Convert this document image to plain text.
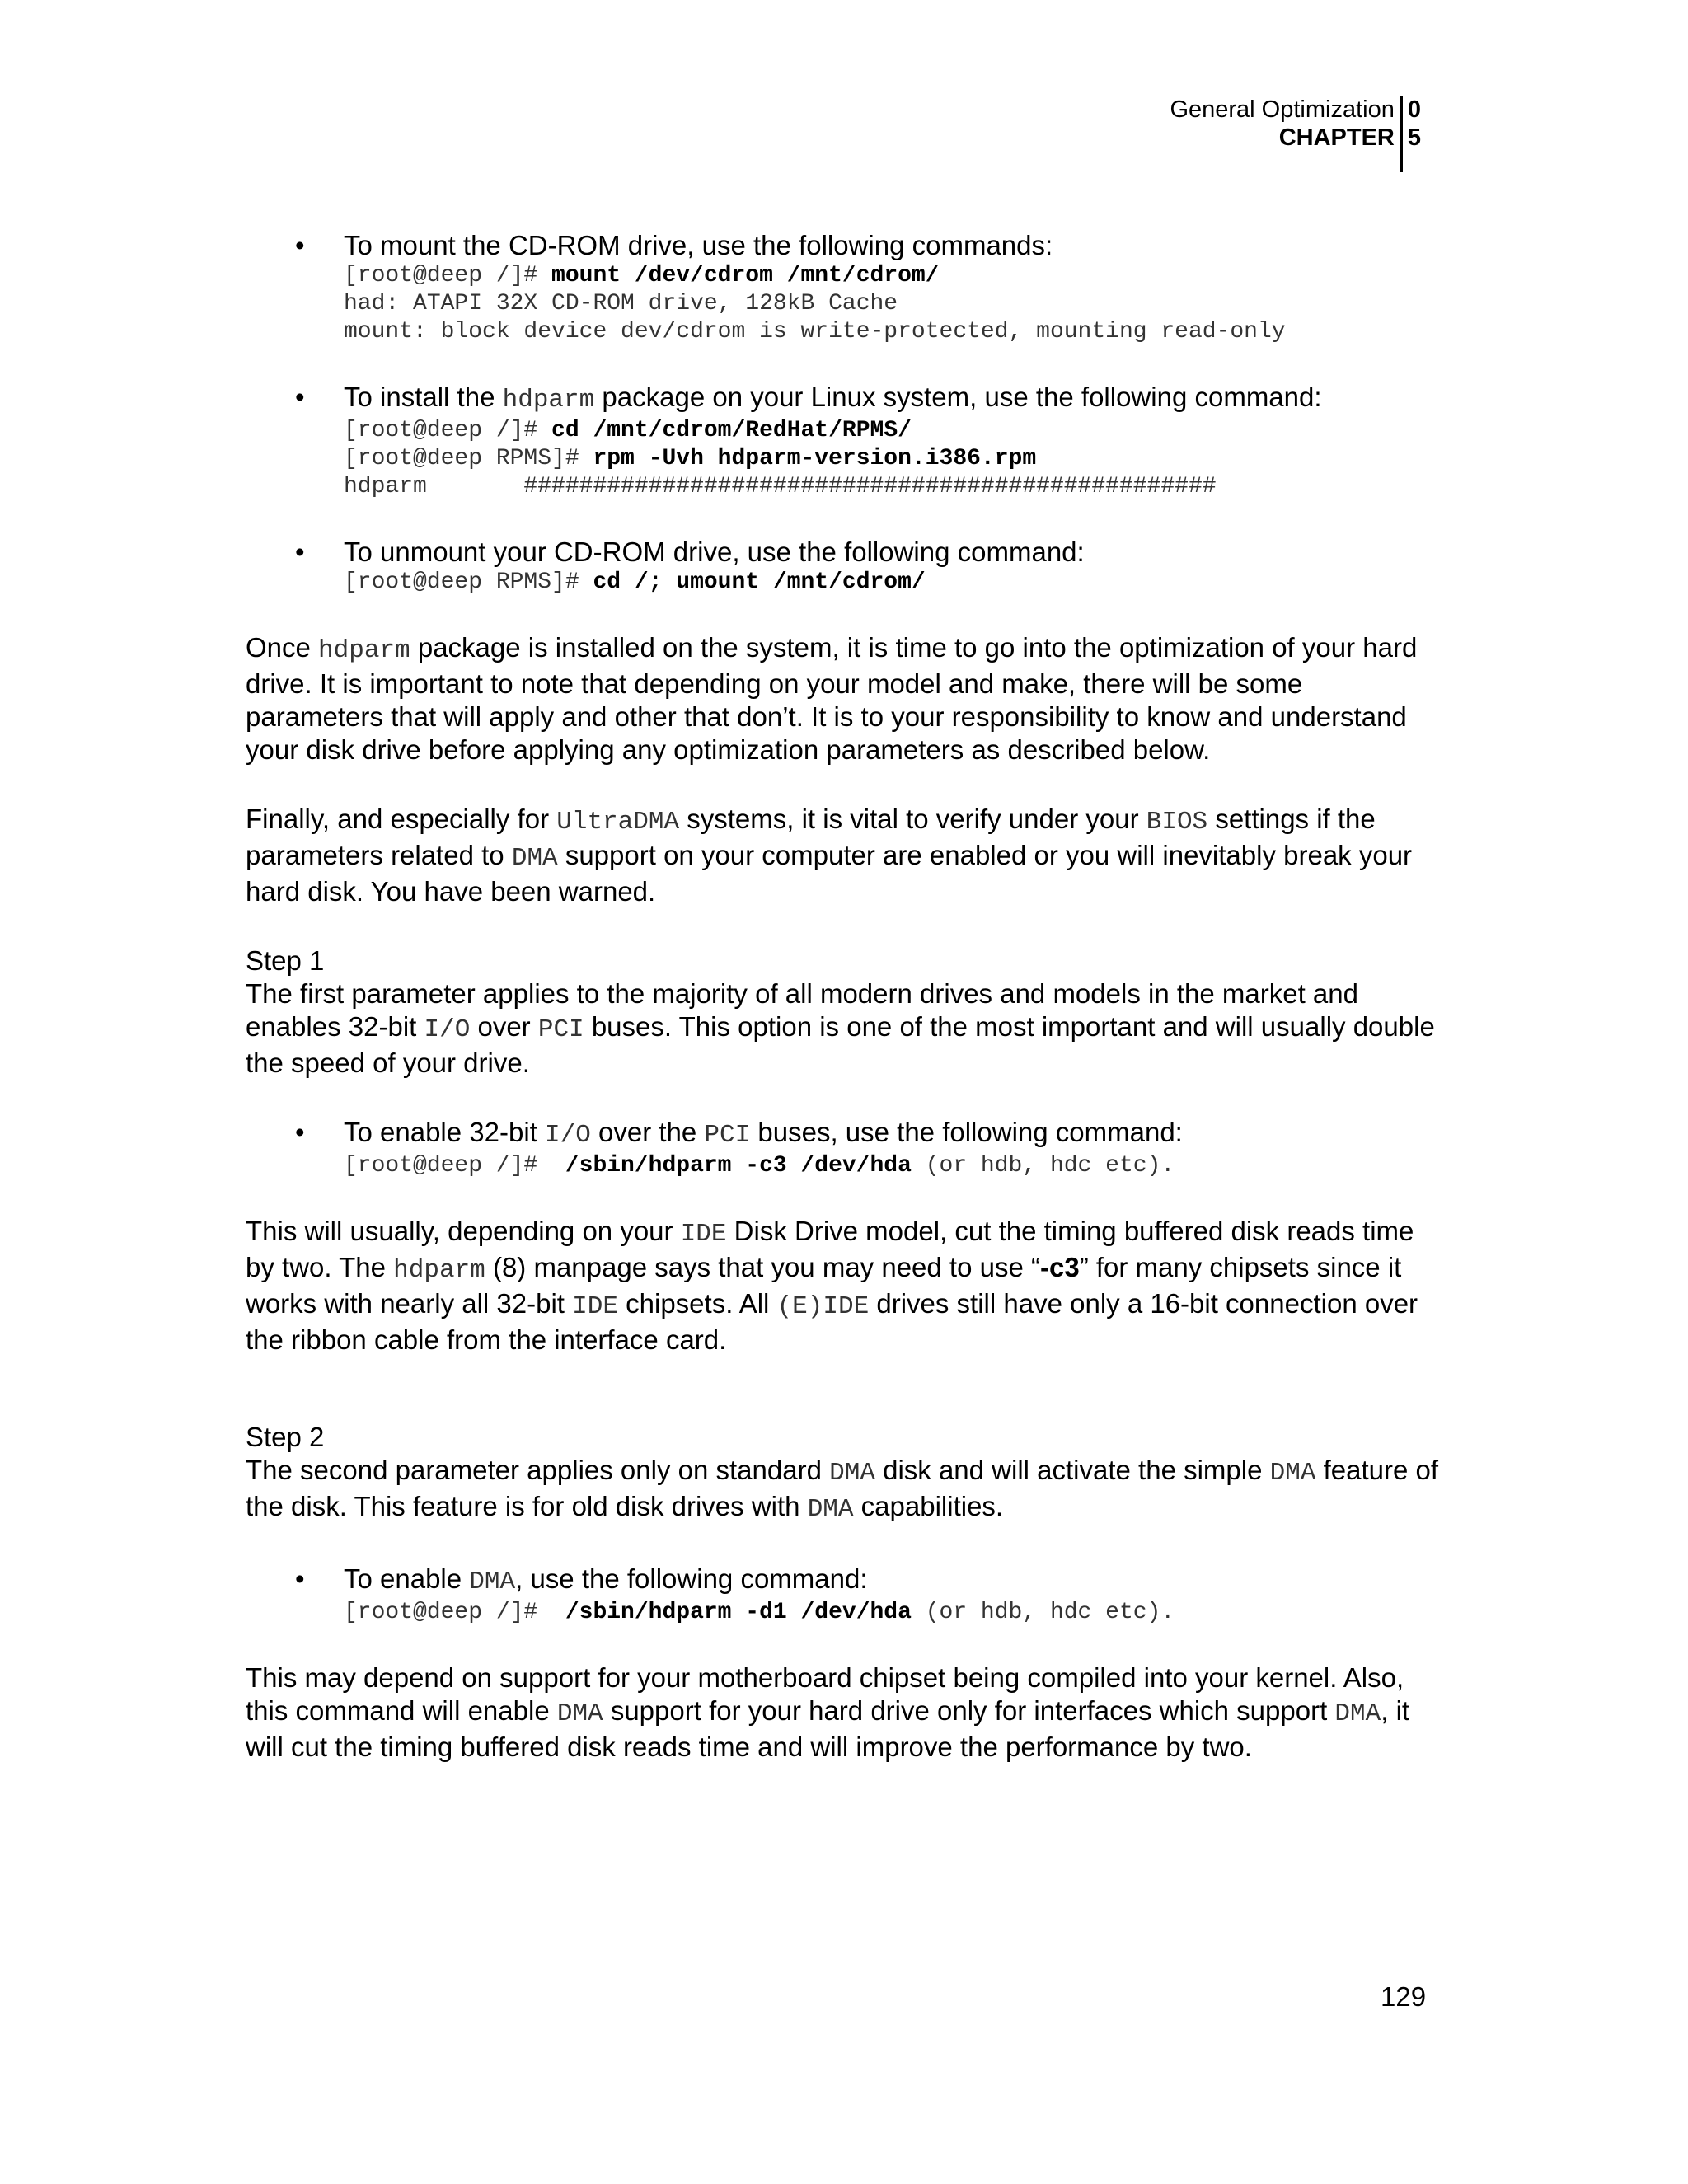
General Optimization
CHAPTER
0
5
• To mount the CD-ROM drive, use the following commands:
[root@deep /]# mount /dev/cdrom /mnt/cdrom/
had: ATAPI 32X CD-ROM drive, 128kB Cache
mount: block device dev/cdrom is write-protected, mounting read-only
• To install the hdparm package on your Linux system, use the following command:
[root@deep /]# cd /mnt/cdrom/RedHat/RPMS/
[root@deep RPMS]# rpm -Uvh hdparm-version.i386.rpm
hdparm       ##################################################
• To unmount your CD-ROM drive, use the following command:
[root@deep RPMS]# cd /; umount /mnt/cdrom/
Once hdparm package is installed on the system, it is time to go into the optimization of your hard drive. It is important to note that depending on your model and make, there will be some parameters that will apply and other that don’t. It is to your responsibility to know and understand your disk drive before applying any optimization parameters as described below.
Finally, and especially for UltraDMA systems, it is vital to verify under your BIOS settings if the parameters related to DMA support on your computer are enabled or you will inevitably break your hard disk. You have been warned.
Step 1
The first parameter applies to the majority of all modern drives and models in the market and enables 32-bit I/O over PCI buses. This option is one of the most important and will usually double the speed of your drive.
• To enable 32-bit I/O over the PCI buses, use the following command:
[root@deep /]#  /sbin/hdparm -c3 /dev/hda (or hdb, hdc etc).
This will usually, depending on your IDE Disk Drive model, cut the timing buffered disk reads time by two. The hdparm (8) manpage says that you may need to use “-c3” for many chipsets since it works with nearly all 32-bit IDE chipsets. All (E)IDE drives still have only a 16-bit connection over the ribbon cable from the interface card.
Step 2
The second parameter applies only on standard DMA disk and will activate the simple DMA feature of the disk. This feature is for old disk drives with DMA capabilities.
• To enable DMA, use the following command:
[root@deep /]#  /sbin/hdparm -d1 /dev/hda (or hdb, hdc etc).
This may depend on support for your motherboard chipset being compiled into your kernel. Also, this command will enable DMA support for your hard drive only for interfaces which support DMA, it will cut the timing buffered disk reads time and will improve the performance by two.
129
